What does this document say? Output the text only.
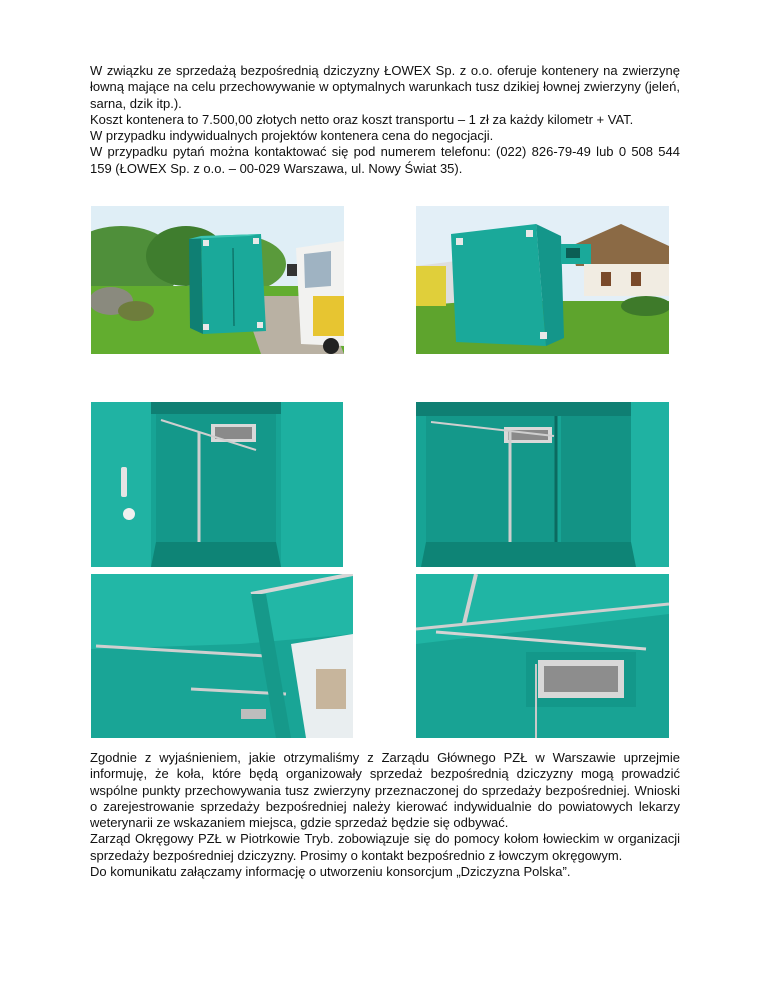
W związku ze sprzedażą bezpośrednią dziczyzny ŁOWEX Sp. z o.o. oferuje kontenery na zwierzynę łowną mające na celu przechowywanie w optymalnych warunkach tusz dzikiej łownej zwierzyny (jeleń, sarna, dzik itp.).

Koszt kontenera to 7.500,00 złotych netto oraz koszt transportu – 1 zł za każdy kilometr + VAT.

W przypadku indywidualnych projektów kontenera cena do negocjacji.

W przypadku pytań można kontaktować się pod numerem telefonu: (022) 826-79-49 lub 0 508 544 159 (ŁOWEX Sp. z o.o. – 00-029 Warszawa, ul. Nowy Świat 35).

Zgodnie z wyjaśnieniem, jakie otrzymaliśmy z Zarządu Głównego PZŁ w Warszawie uprzejmie informuję, że koła, które będą organizowały sprzedaż bezpośrednią dziczyzny mogą prowadzić wspólne punkty przechowywania tusz zwierzyny przeznaczonej do sprzedaży bezpośredniej. Wnioski o zarejestrowanie sprzedaży bezpośredniej należy kierować indywidualnie do powiatowych lekarzy weterynarii ze wskazaniem miejsca, gdzie sprzedaż będzie się odbywać.

Zarząd Okręgowy PZŁ w Piotrkowie Tryb. zobowiązuje się do pomocy kołom łowieckim w organizacji sprzedaży bezpośredniej dziczyzny. Prosimy o kontakt bezpośrednio z łowczym okręgowym.

Do komunikatu załączamy informację o utworzeniu konsorcjum „Dziczyzna Polska”.
